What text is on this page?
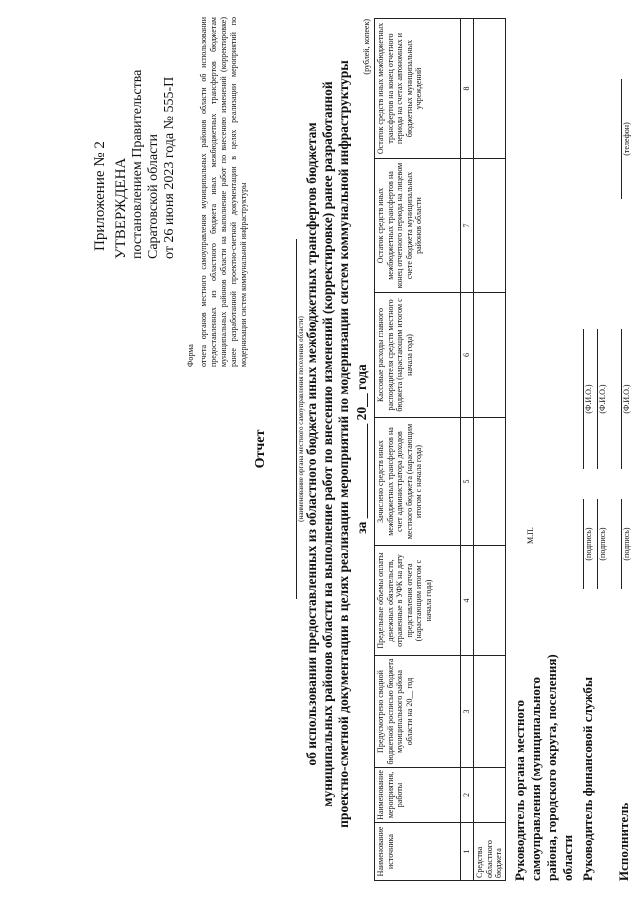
Приложение № 2 УТВЕРЖДЕНА постановлением Правительства Саратовской области от 26 июня 2023 года № 555-П
Форма отчета органов местного самоуправления муниципальных районов области об использовании предоставленных из областного бюджета иных межбюджетных трансфертов бюджетам муниципальных районов области на выполнение работ по внесению изменений (корректировке) ранее разработанной проектно-сметной документации в целях реализации мероприятий по модернизации систем коммунальной инфраструктуры
Отчет	(наименование органа местного самоуправления поселения области) об использовании предоставленных из областного бюджета иных межбюджетных трансфертов бюджетам муниципальных районов области на выполнение работ по внесению изменений (корректировке) ранее разработанной проектно-сметной документации в целях реализации мероприятий по модернизации систем коммунальной инфраструктуры за ______________ 20__ года
(рублей, копеек)
Наименование источника	Наименование мероприятия, работы	Предусмотрено сводной бюджетной росписью бюджета муниципального района области на 20__ год	Предельные объемы оплаты денежных обязательств, отраженные в УФК на дату представления отчета (нарастающим итогом с начала года)	Зачислено средств иных межбюджетных трансфертов на счет администратора доходов местного бюджета (нарастающим итогом с начала года)	Кассовые расходы главного распорядителя средств местного бюджета (нарастающим итогом с начала года)	Остаток средств иных межбюджетных трансфертов на конец отчетного периода на лицевом счете бюджета муниципальных районов области	Остаток средств иных межбюджетных трансфертов на конец отчетного периода на счетах автономных и бюджетных муниципальных учреждений
1	2	3	4	5	6	7	8
Средства областного бюджета							Руководитель органа местного самоуправления (муниципального района, городского округа, поселения) области
М.П.	(подпись)
(Ф.И.О.)
Руководитель финансовой службы
(подпись)
(Ф.И.О.)
Исполнитель
(подпись)
(Ф.И.О.)
(телефон)
